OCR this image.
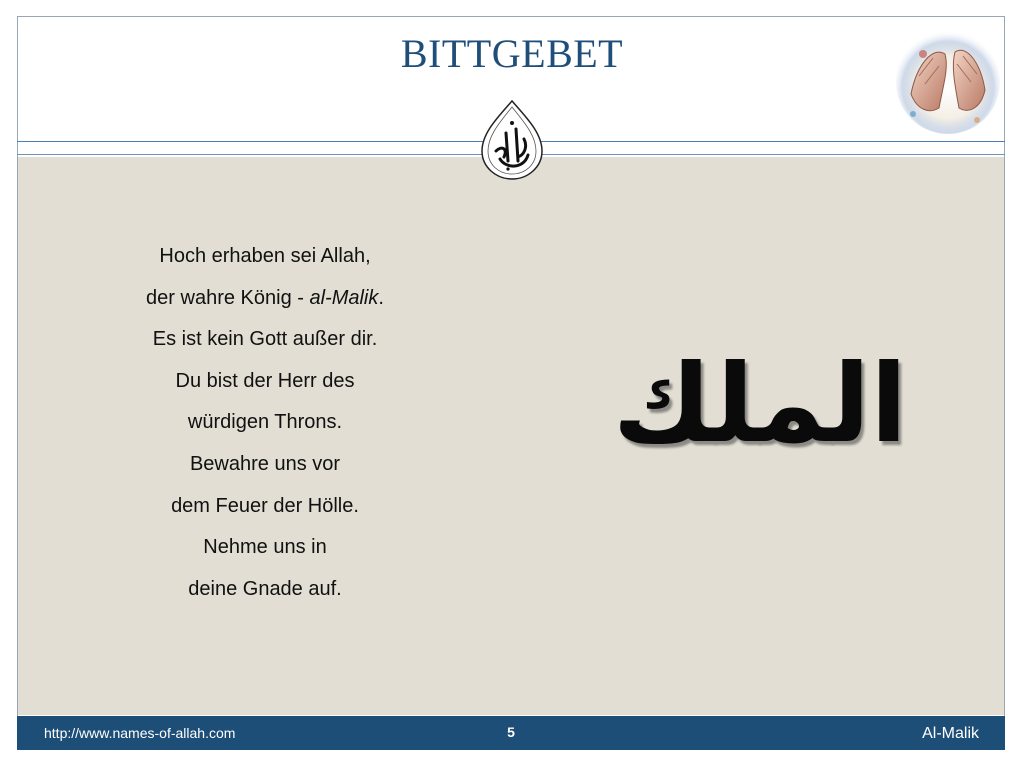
BITTGEBET
Hoch erhaben sei Allah,
der wahre König - al-Malik.
Es ist kein Gott außer dir.
Du bist der Herr des
würdigen Throns.
Bewahre uns vor
dem Feuer der Hölle.
Nehme uns in
deine Gnade auf.
الملك
http://www.names-of-allah.com	5	Al-Malik
